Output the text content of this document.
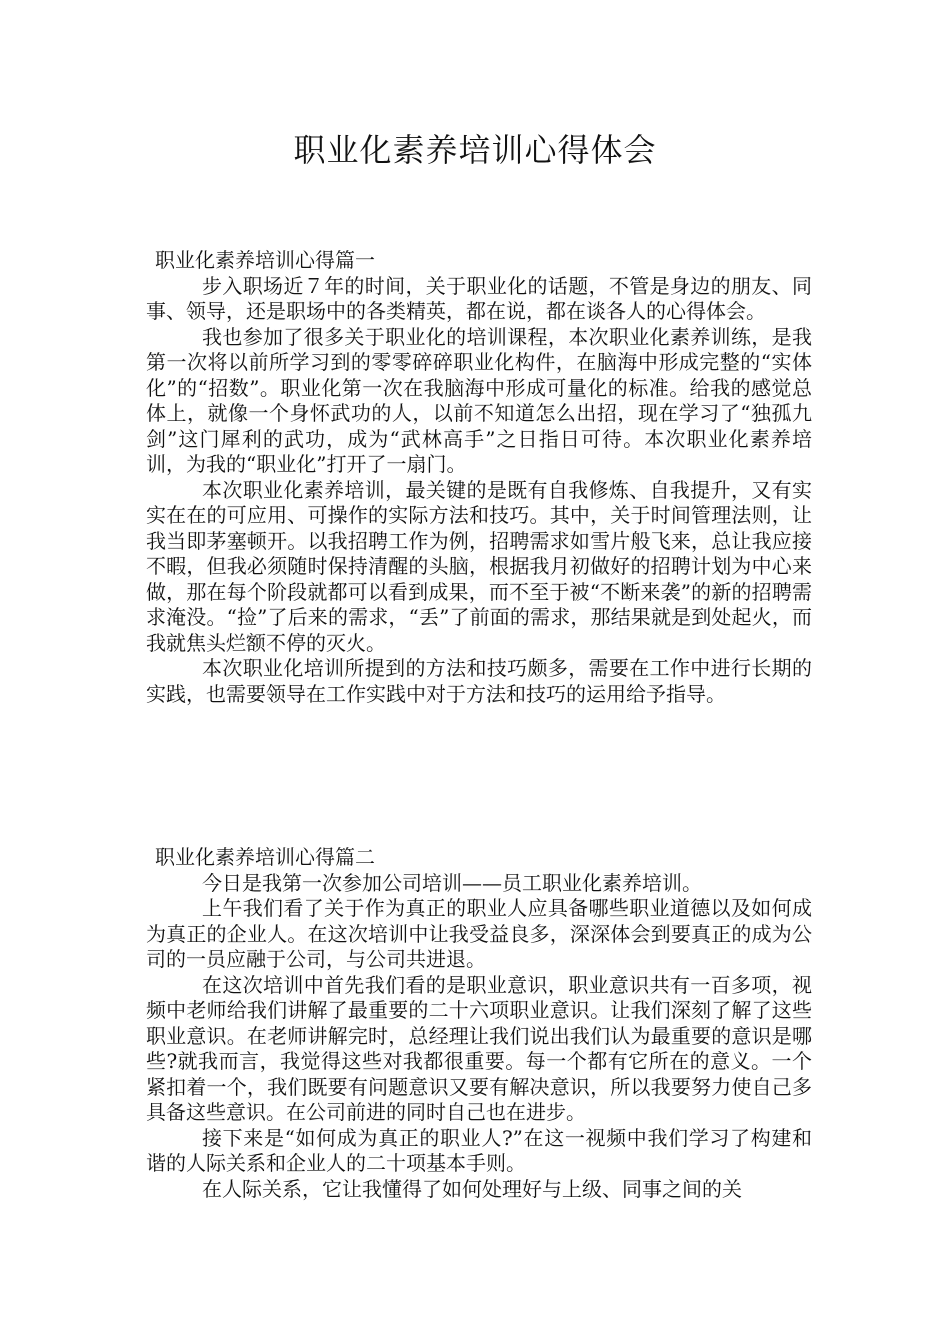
职业化素养培训心得体会

职业化素养培训心得篇一

步入职场近７年的时间，关于职业化的话题，不管是身边的朋友、同事、领导，还是职场中的各类精英，都在说，都在谈各人的心得体会。

我也参加了很多关于职业化的培训课程，本次职业化素养训练，是我第一次将以前所学习到的零零碎碎职业化构件，在脑海中形成完整的“实体化”的“招数”。职业化第一次在我脑海中形成可量化的标准。给我的感觉总体上，就像一个身怀武功的人，以前不知道怎么出招，现在学习了“独孤九剑”这门犀利的武功，成为“武林高手”之日指日可待。本次职业化素养培训，为我的“职业化”打开了一扇门。

本次职业化素养培训，最关键的是既有自我修炼、自我提升，又有实实在在的可应用、可操作的实际方法和技巧。其中，关于时间管理法则，让我当即茅塞顿开。以我招聘工作为例，招聘需求如雪片般飞来，总让我应接不暇，但我必须随时保持清醒的头脑，根据我月初做好的招聘计划为中心来做，那在每个阶段就都可以看到成果，而不至于被“不断来袭”的新的招聘需求淹没。“捡”了后来的需求，“丢”了前面的需求，那结果就是到处起火，而我就焦头烂额不停的灭火。

本次职业化培训所提到的方法和技巧颇多，需要在工作中进行长期的实践，也需要领导在工作实践中对于方法和技巧的运用给予指导。

职业化素养培训心得篇二

今日是我第一次参加公司培训——员工职业化素养培训。

上午我们看了关于作为真正的职业人应具备哪些职业道德以及如何成为真正的企业人。在这次培训中让我受益良多，深深体会到要真正的成为公司的一员应融于公司，与公司共进退。

在这次培训中首先我们看的是职业意识，职业意识共有一百多项，视频中老师给我们讲解了最重要的二十六项职业意识。让我们深刻了解了这些职业意识。在老师讲解完时，总经理让我们说出我们认为最重要的意识是哪些?就我而言，我觉得这些对我都很重要。每一个都有它所在的意义。一个紧扣着一个，我们既要有问题意识又要有解决意识，所以我要努力使自己多具备这些意识。在公司前进的同时自己也在进步。

接下来是“如何成为真正的职业人?”在这一视频中我们学习了构建和谐的人际关系和企业人的二十项基本手则。

在人际关系，它让我懂得了如何处理好与上级、同事之间的关
